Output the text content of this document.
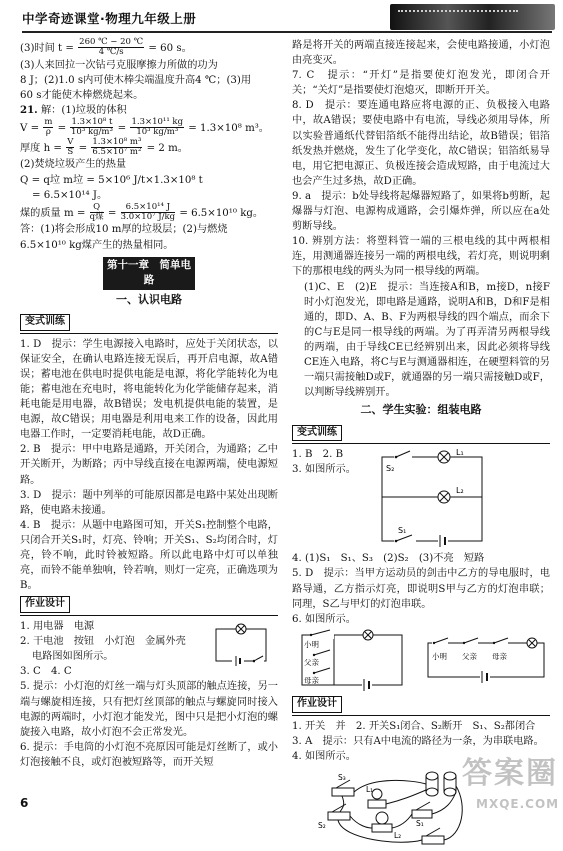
中学奇迹课堂·物理九年级上册

(3)时间 $t = \frac{260 ℃ - 20 ℃}{4 ℃/s} = 60$ s。

(3)人来回拉一次钻弓克服摩擦力所做的功为

8 J；(2)1.0 s内可使木棒尖端温度升高4 ℃；(3)用

60 s才能使木棒燃烧起来。

21. 解：(1)垃圾的体积

$V = \frac{m}{\rho} = \frac{\text{1.3×10⁸ t}}{\text{10³ kg/m³}} = \frac{\text{1.3×10¹¹ kg}}{\text{10³ kg/m³}} = 1.3\times 10^8$ m³。

厚度 $h = \frac{V}{S} = \frac{\text{1.3×10⁸ m³}}{\text{6.5×10⁷ m²}} = 2$ m。

(2)焚烧垃圾产生的热量

Q = q垃 m垃 = 5×10⁶ J/t×1.3×10⁸ t

= 6.5×10¹⁴ J。

煤的质量 $m = \frac{Q}{\text{q煤}} = \frac{\text{6.5×10¹⁴ J}}{\text{3.0×10⁷ J/kg}} = 6.5\times 10^{10}$ kg。

答：(1)将会形成10 m厚的垃圾层；(2)与燃烧

6.5×10¹⁰ kg煤产生的热量相同。

第十一章　简单电路
一、认识电路
变式训练

1. D　提示：学生电源接入电路时，应处于关闭状态，以保证安全，在确认电路连接无误后，再开启电源，故A错误；蓄电池在供电时提供电能是电源，将化学能转化为电能；蓄电池在充电时，将电能转化为化学能储存起来，消耗电能是用电器，故B错误；发电机提供电能的装置，是电源，故C错误；用电器是利用电来工作的设备，因此用电器工作时，一定要消耗电能，故D正确。

2. B　提示：甲中电路是通路，开关闭合，为通路；乙中开关断开，为断路；丙中导线直接在电源两端，使电源短路。

3. D　提示：题中列举的可能原因都是电路中某处出现断路，使电路未接通。

4. B　提示：从题中电路图可知，开关S₁控制整个电路，只闭合开关S₁时，灯亮、铃响；开关S₁、S₂均闭合时，灯亮，铃不响，此时铃被短路。所以此电路中灯可以单独亮，而铃不能单独响，铃若响，则灯一定亮，正确选项为B。

作业设计

1. 用电器　电源

2. 干电池　按钮　小灯泡　金属外壳

电路图如图所示。

3. C　4. C

5. 提示：小灯泡的灯丝一端与灯头顶部的触点连接，另一端与螺旋相连接，只有把灯丝顶部的触点与螺旋同时接入电源的两端时，小灯泡才能发光，图中只是把小灯泡的螺旋接入电路，故小灯泡不会正常发光。

6. 提示：手电筒的小灯泡不亮原因可能是灯丝断了，或小灯泡接触不良，或灯泡被短路等，而开关短

路是将开关的两端直接连接起来，会使电路接通，小灯泡由亮变灭。

7. C　提示：“开灯”是指要使灯泡发光，即闭合开关；“关灯”是指要使灯泡熄灭，即断开开关。

8. D　提示：要连通电路应将电源的正、负极接入电路中，故A错误；要使电路中有电流，导线必须用导体，所以实验普通纸代替铝箔纸不能得出结论，故B错误；铝箔纸发热并燃烧，发生了化学变化，故C错误；铝箔纸易导电，用它把电源正、负极连接会造成短路，由于电流过大也会产生过多热，故D正确。

9. a　提示：b处导线将起爆器短路了，如果将b剪断，起爆器与灯泡、电源构成通路，会引爆炸弹，所以应在a处剪断导线。

10. 辨别方法：将塑料管一端的三根电线的其中两根相连，用测通器连接另一端的两根电线，若灯亮，则说明剩下的那根电线的两头为同一根导线的两端。

(1)C、E　(2)E　提示：当连接A和B，m接D，n接F时小灯泡发光，即电路是通路，说明A和B，D和F是相通的，即D、A、B、F为两根导线的四个端点，而余下的C与E是同一根导线的两端。为了再弄清另两根导线的两端，由于导线CE已经辨别出来，因此必须将导线CE连入电路，将C与E与测通器相连，在硬塑料管的另一端只需接触D或F，就通器的另一端只需接触D或F，以判断导线辨别开。

二、学生实验：组装电路
变式训练

1. B　2. B

3. 如图所示。	S₂
S₁
L₁
L₂

4. (1)S₁　S₁、S₃　(2)S₂　(3)不亮　短路

5. D　提示：当甲方运动员的剑击中乙方的导电服时，电路导通，乙方指示灯亮，即说明S甲与乙方的灯泡串联；同理，S乙与甲灯的灯泡串联。

6. 如图所示。

小明
父亲
母亲
小明 父亲 母亲
作业设计

1. 开关　并　2. 开关S₁闭合、S₂断开　S₁、S₂都闭合

3. A　提示：只有A中电流的路径为一条，为串联电路。

4. 如图所示。

S₃
L₁
S₂	S₁
L₂
6
答案圈
MXQE.COM
